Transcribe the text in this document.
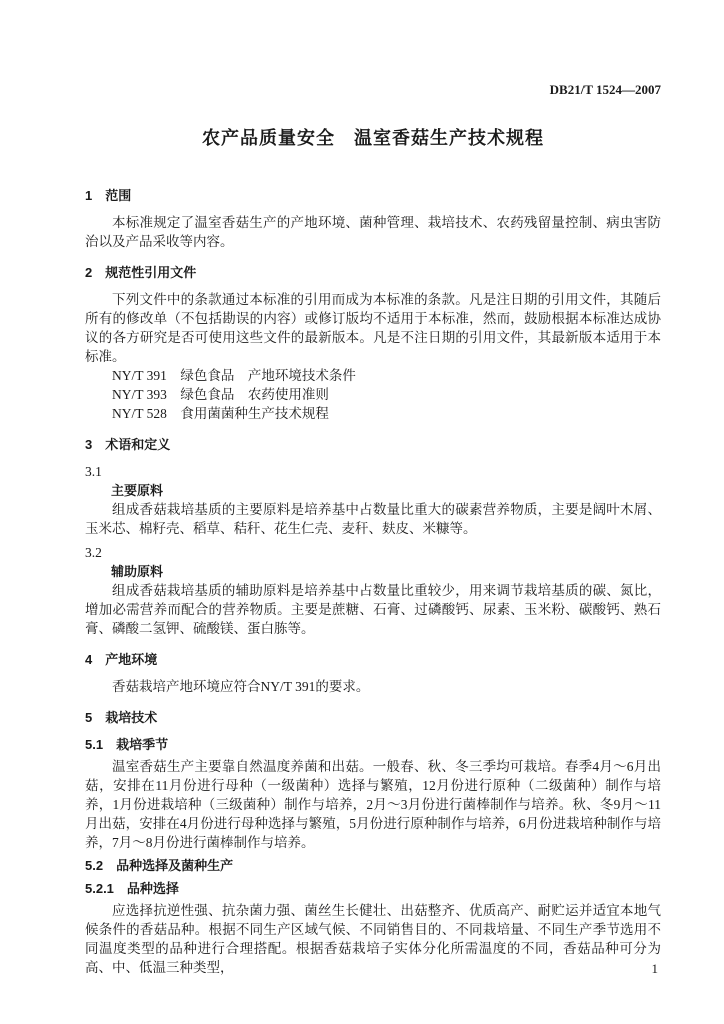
DB21/T 1524—2007
农产品质量安全　温室香菇生产技术规程

1　范围

本标准规定了温室香菇生产的产地环境、菌种管理、栽培技术、农药残留量控制、病虫害防治以及产品采收等内容。

2　规范性引用文件

下列文件中的条款通过本标准的引用而成为本标准的条款。凡是注日期的引用文件，其随后所有的修改单（不包括勘误的内容）或修订版均不适用于本标准，然而，鼓励根据本标准达成协议的各方研究是否可使用这些文件的最新版本。凡是不注日期的引用文件，其最新版本适用于本标准。

NY/T 391　绿色食品　产地环境技术条件

NY/T 393　绿色食品　农药使用准则

NY/T 528　食用菌菌种生产技术规程

3　术语和定义

3.1

主要原料

组成香菇栽培基质的主要原料是培养基中占数量比重大的碳素营养物质，主要是阔叶木屑、玉米芯、棉籽壳、稻草、秸秆、花生仁壳、麦秆、麸皮、米糠等。

3.2

辅助原料

组成香菇栽培基质的辅助原料是培养基中占数量比重较少，用来调节栽培基质的碳、氮比，增加必需营养而配合的营养物质。主要是蔗糖、石膏、过磷酸钙、尿素、玉米粉、碳酸钙、熟石膏、磷酸二氢钾、硫酸镁、蛋白胨等。

4　产地环境

香菇栽培产地环境应符合NY/T 391的要求。

5　栽培技术

5.1　栽培季节

温室香菇生产主要靠自然温度养菌和出菇。一般春、秋、冬三季均可栽培。春季4月～6月出菇，安排在11月份进行母种（一级菌种）选择与繁殖，12月份进行原种（二级菌种）制作与培养，1月份进栽培种（三级菌种）制作与培养，2月～3月份进行菌棒制作与培养。秋、冬9月～11月出菇，安排在4月份进行母种选择与繁殖，5月份进行原种制作与培养，6月份进栽培种制作与培养，7月～8月份进行菌棒制作与培养。

5.2　品种选择及菌种生产

5.2.1　品种选择

应选择抗逆性强、抗杂菌力强、菌丝生长健壮、出菇整齐、优质高产、耐贮运并适宜本地气候条件的香菇品种。根据不同生产区域气候、不同销售目的、不同栽培量、不同生产季节选用不同温度类型的品种进行合理搭配。根据香菇栽培子实体分化所需温度的不同，香菇品种可分为高、中、低温三种类型，	1
